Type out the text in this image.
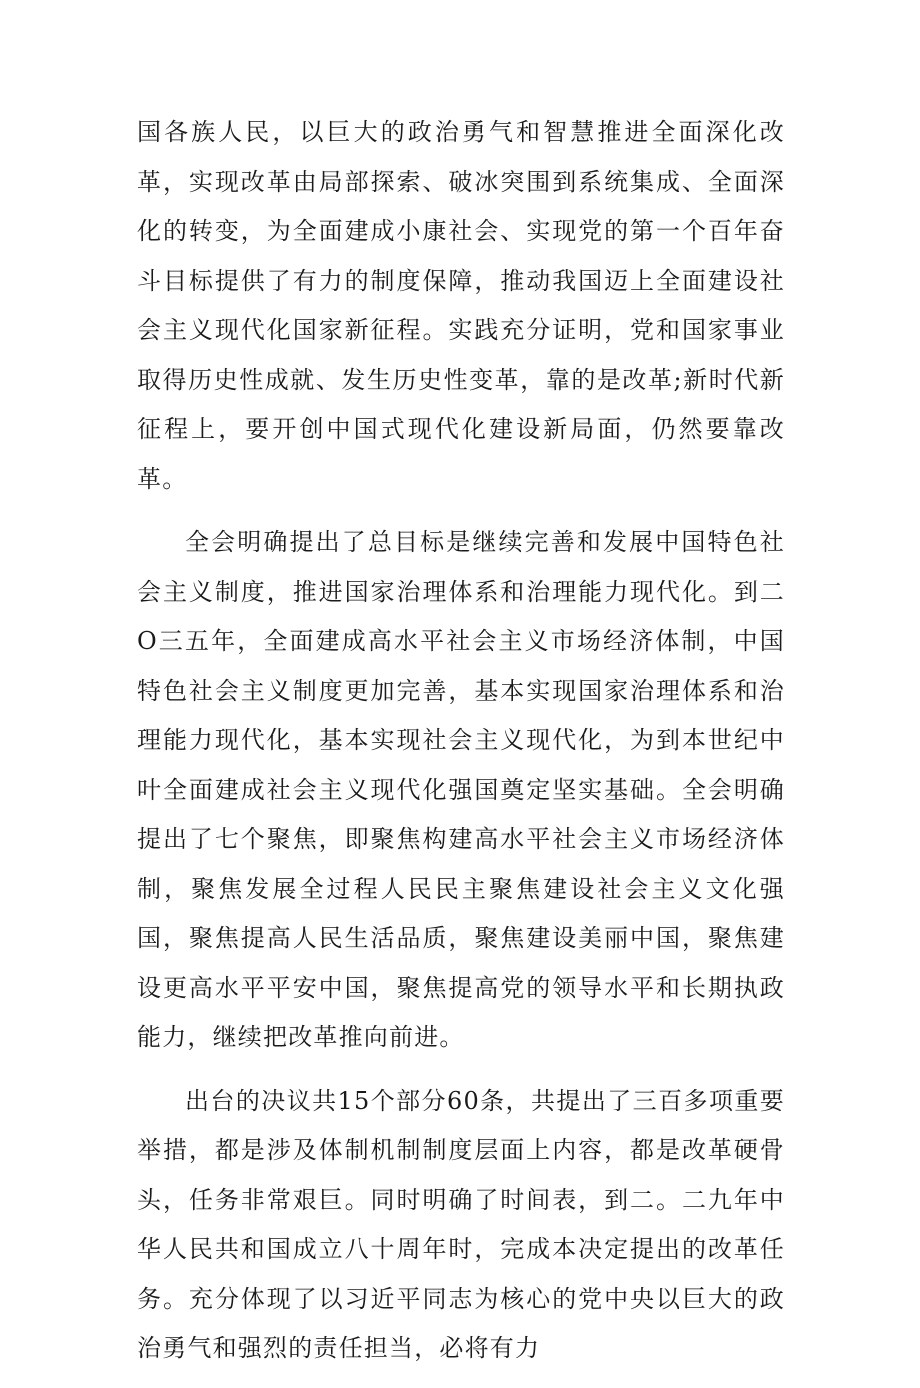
国各族人民，以巨大的政治勇气和智慧推进全面深化改革，实现改革由局部探索、破冰突围到系统集成、全面深化的转变，为全面建成小康社会、实现党的第一个百年奋斗目标提供了有力的制度保障，推动我国迈上全面建设社会主义现代化国家新征程。实践充分证明，党和国家事业取得历史性成就、发生历史性变革，靠的是改革;新时代新征程上，要开创中国式现代化建设新局面，仍然要靠改革。

全会明确提出了总目标是继续完善和发展中国特色社会主义制度，推进国家治理体系和治理能力现代化。到二O三五年，全面建成高水平社会主义市场经济体制，中国特色社会主义制度更加完善，基本实现国家治理体系和治理能力现代化，基本实现社会主义现代化，为到本世纪中叶全面建成社会主义现代化强国奠定坚实基础。全会明确提出了七个聚焦，即聚焦构建高水平社会主义市场经济体制，聚焦发展全过程人民民主聚焦建设社会主义文化强国，聚焦提高人民生活品质，聚焦建设美丽中国，聚焦建设更高水平平安中国，聚焦提高党的领导水平和长期执政能力，继续把改革推向前进。

出台的决议共15个部分60条，共提出了三百多项重要举措，都是涉及体制机制制度层面上内容，都是改革硬骨头，任务非常艰巨。同时明确了时间表，到二。二九年中华人民共和国成立八十周年时，完成本决定提出的改革任务。充分体现了以习近平同志为核心的党中央以巨大的政治勇气和强烈的责任担当，必将有力
